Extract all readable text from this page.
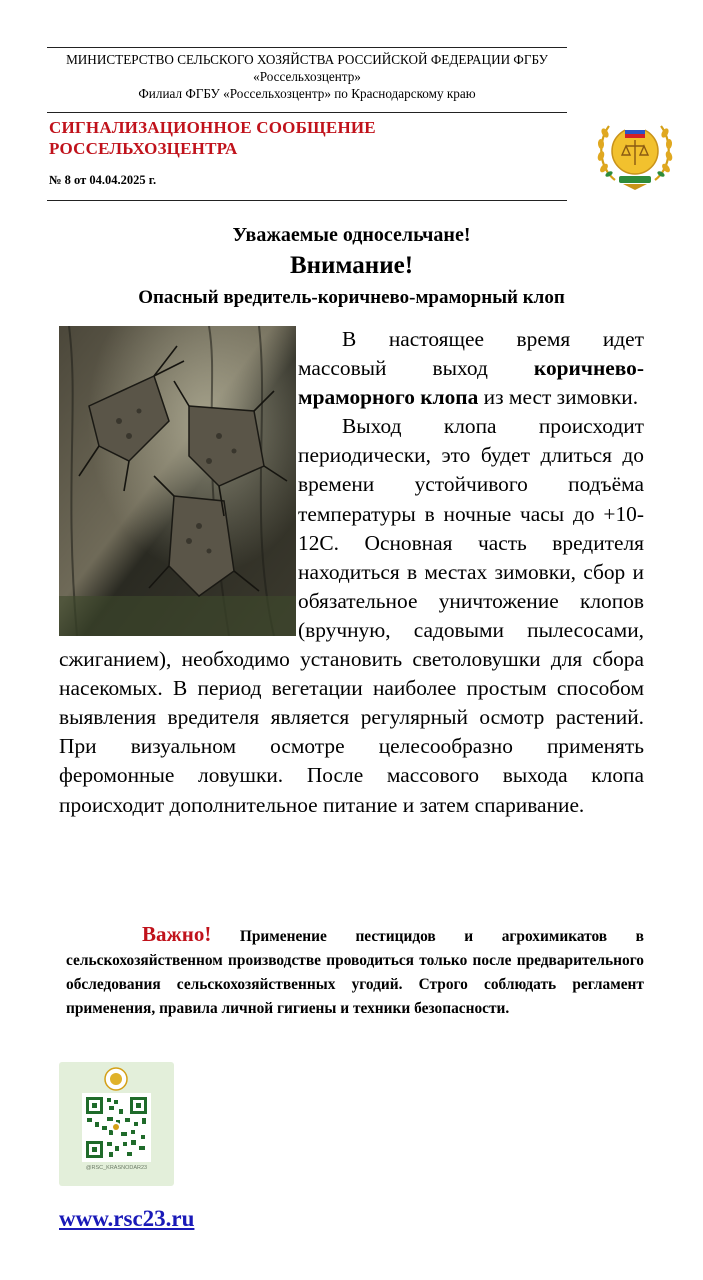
МИНИСТЕРСТВО СЕЛЬСКОГО ХОЗЯЙСТВА РОССИЙСКОЙ ФЕДЕРАЦИИ ФГБУ
«Россельхозцентр»
Филиал ФГБУ «Россельхозцентр» по Краснодарскому краю
СИГНАЛИЗАЦИОННОЕ СООБЩЕНИЕ
РОССЕЛЬХОЗЦЕНТРА
№ 8 от 04.04.2025 г.
Уважаемые односельчане!
Внимание!
Опасный вредитель-коричнево-мраморный клоп

В настоящее время идет массовый выход коричнево-мраморного клопа из мест зимовки.

Выход клопа происходит периодически, это будет длиться до времени устойчивого подъёма температуры в ночные часы до +10-12С. Основная часть вредителя находиться в местах зимовки, сбор и обязательное уничтожение клопов (вручную, садовыми пылесосами, сжиганием), необходимо установить светоловушки для сбора насекомых. В период вегетации наиболее простым способом выявления вредителя является регулярный осмотр растений. При визуальном осмотре целесообразно применять феромонные ловушки. После массового выхода клопа происходит дополнительное питание и затем спаривание.

Важно! Применение пестицидов и агрохимикатов в сельскохозяйственном производстве проводиться только после предварительного обследования сельскохозяйственных угодий. Строго соблюдать регламент применения, правила личной гигиены и техники безопасности.
@RSC_KRASNODAR23
www.rsc23.ru
